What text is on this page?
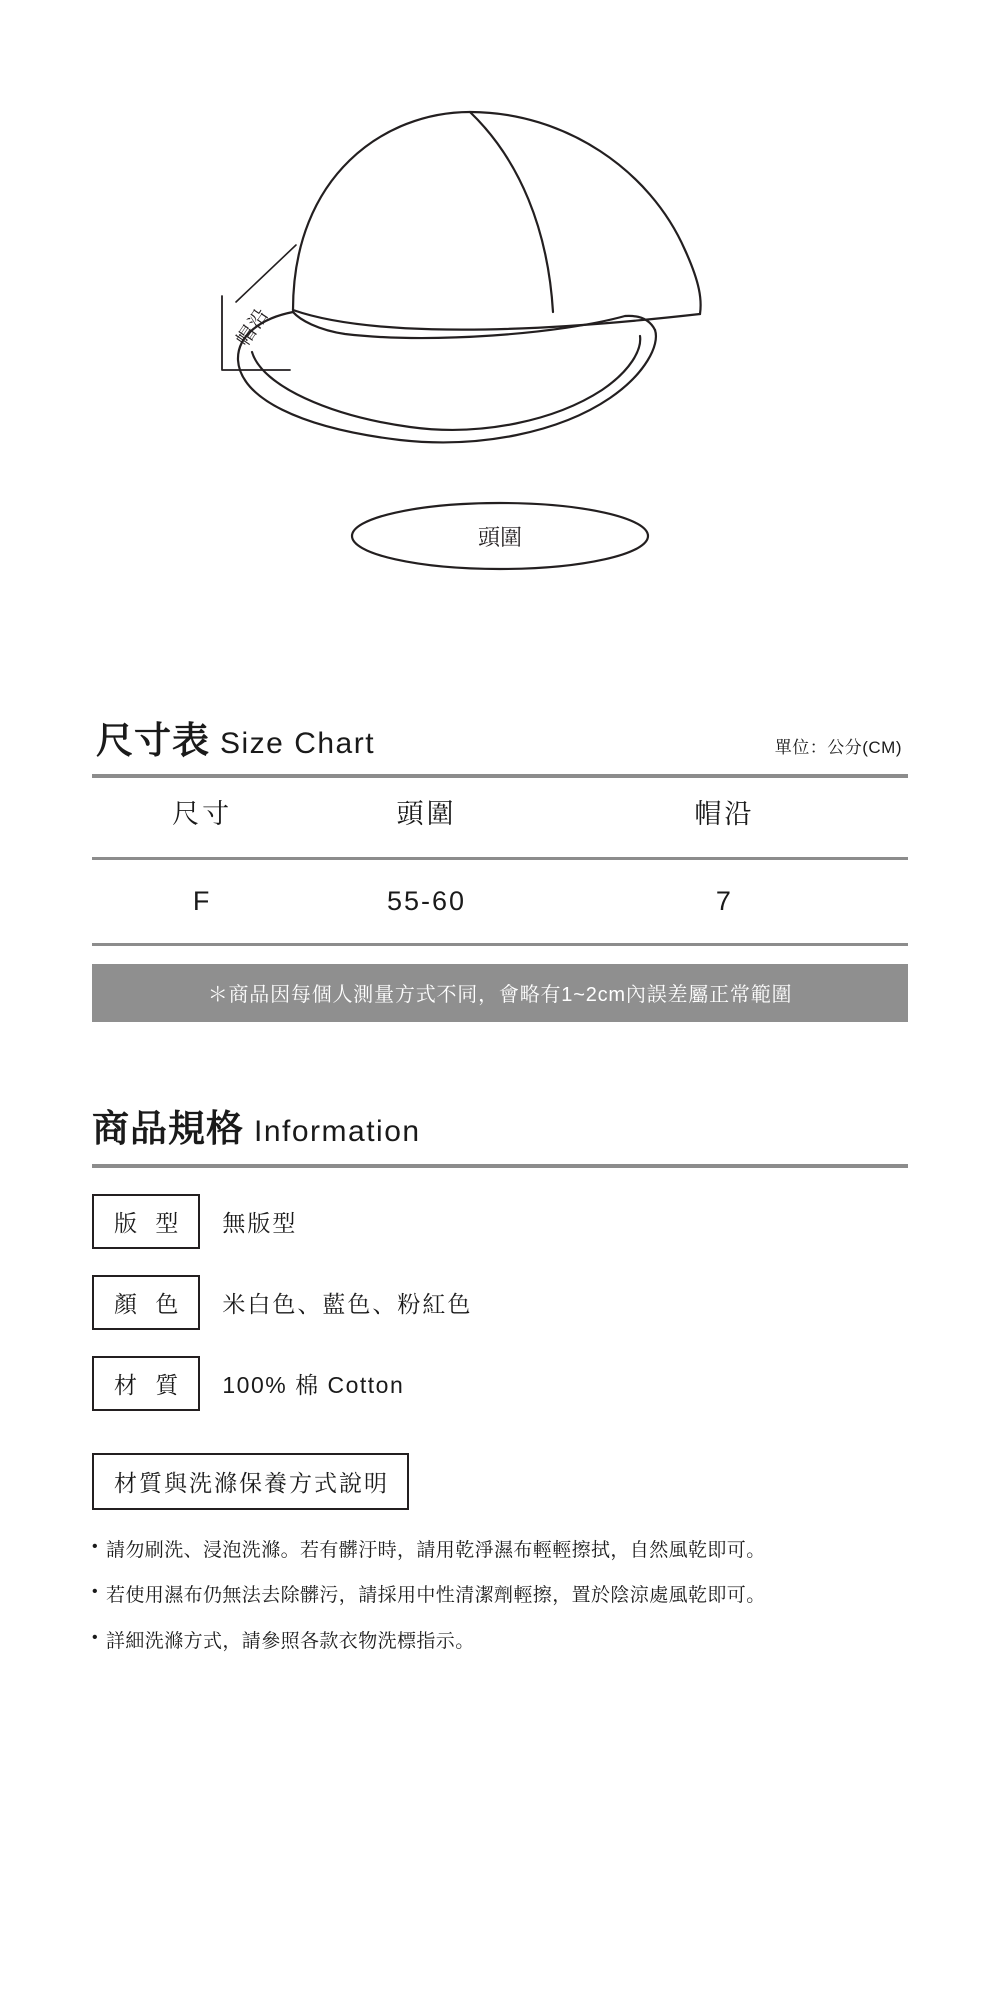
帽沿
頭圍
尺寸表 Size Chart	單位：公分(CM)
尺寸	頭圍	帽沿

F	55-60	7

＊商品因每個人測量方式不同，會略有1~2cm內誤差屬正常範圍
商品規格 Information
版 型	無版型
顏 色	米白色、藍色、粉紅色
材 質	100% 棉 Cotton
材質與洗滌保養方式說明
• 請勿刷洗、浸泡洗滌。若有髒汙時，請用乾淨濕布輕輕擦拭，自然風乾即可。
• 若使用濕布仍無法去除髒污，請採用中性清潔劑輕擦，置於陰涼處風乾即可。
• 詳細洗滌方式，請參照各款衣物洗標指示。
